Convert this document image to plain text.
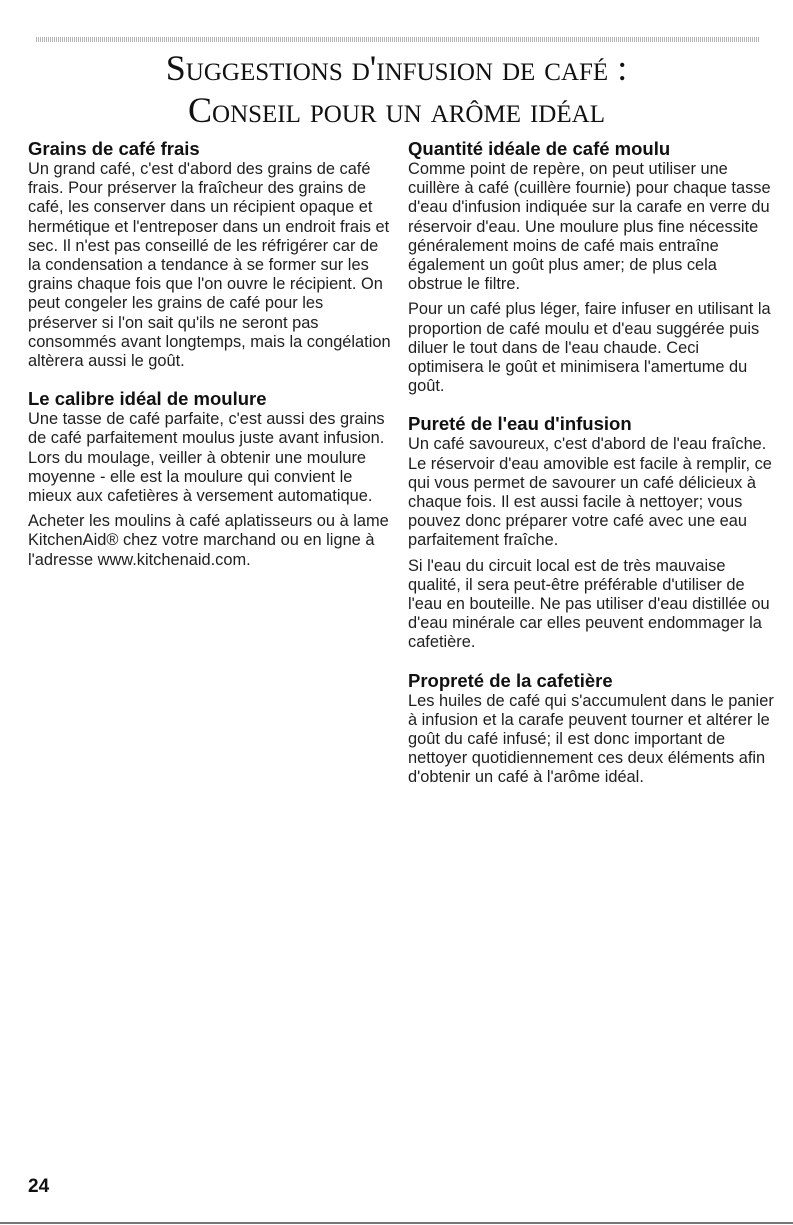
Suggestions d'infusion de café :
Conseil pour un arôme idéal
Grains de café frais

Un grand café, c'est d'abord des grains de café frais. Pour préserver la fraîcheur des grains de café, les conserver dans un récipient opaque et hermétique et l'entreposer dans un endroit frais et sec. Il n'est pas conseillé de les réfrigérer car de la condensation a tendance à se former sur les grains chaque fois que l'on ouvre le récipient. On peut congeler les grains de café pour les préserver si l'on sait qu'ils ne seront pas consommés avant longtemps, mais la congélation altèrera aussi le goût.

Le calibre idéal de moulure

Une tasse de café parfaite, c'est aussi des grains de café parfaitement moulus juste avant infusion. Lors du moulage, veiller à obtenir une moulure moyenne - elle est la moulure qui convient le mieux aux cafetières à versement automatique.

Acheter les moulins à café aplatisseurs ou à lame KitchenAid® chez votre marchand ou en ligne à l'adresse www.kitchenaid.com.

Quantité idéale de café moulu

Comme point de repère, on peut utiliser une cuillère à café (cuillère fournie) pour chaque tasse d'eau d'infusion indiquée sur la carafe en verre du réservoir d'eau. Une moulure plus fine nécessite généralement moins de café mais entraîne également un goût plus amer; de plus cela obstrue le filtre.

Pour un café plus léger, faire infuser en utilisant la proportion de café moulu et d'eau suggérée puis diluer le tout dans de l'eau chaude. Ceci optimisera le goût et minimisera l'amertume du goût.

Pureté de l'eau d'infusion

Un café savoureux, c'est d'abord de l'eau fraîche. Le réservoir d'eau amovible est facile à remplir, ce qui vous permet de savourer un café délicieux à chaque fois. Il est aussi facile à nettoyer; vous pouvez donc préparer votre café avec une eau parfaitement fraîche.

Si l'eau du circuit local est de très mauvaise qualité, il sera peut-être préférable d'utiliser de l'eau en bouteille. Ne pas utiliser d'eau distillée ou d'eau minérale car elles peuvent endommager la cafetière.

Propreté de la cafetière

Les huiles de café qui s'accumulent dans le panier à infusion et la carafe peuvent tourner et altérer le goût du café infusé; il est donc important de nettoyer quotidiennement ces deux éléments afin d'obtenir un café à l'arôme idéal.

24
